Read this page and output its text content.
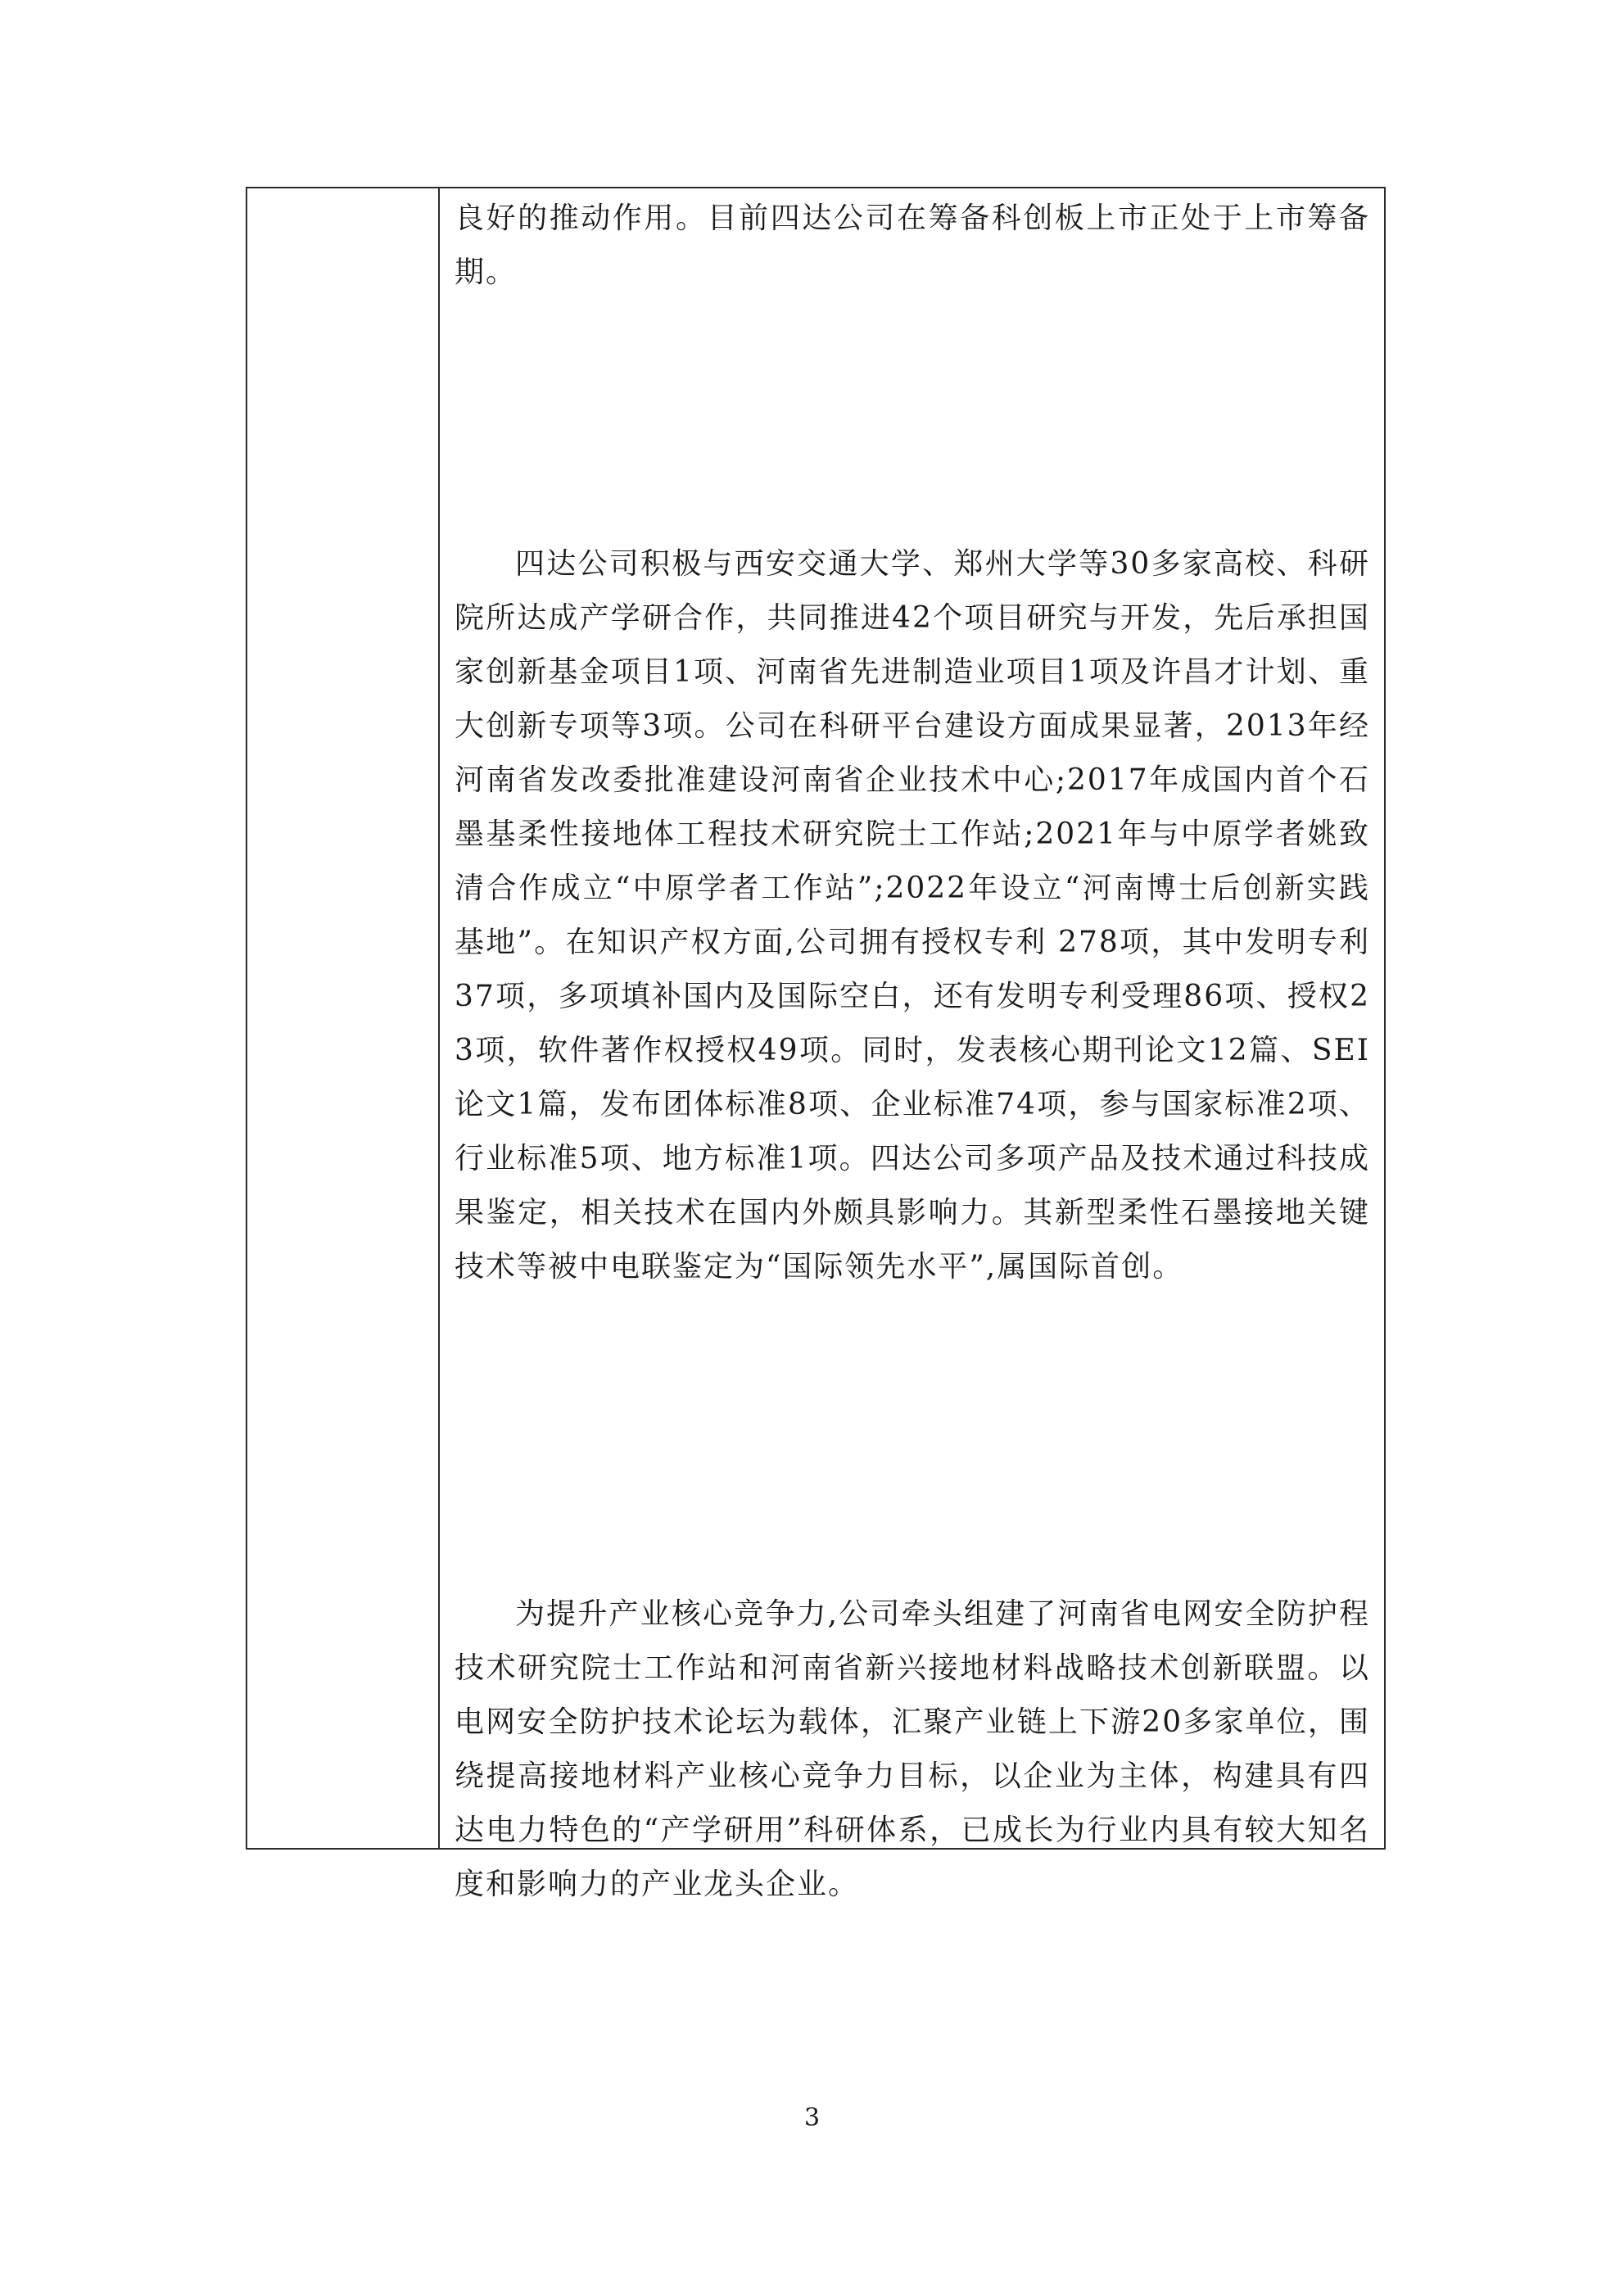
良好的推动作用。目前四达公司在筹备科创板上市正处于上市筹备期。

四达公司积极与西安交通大学、郑州大学等30多家高校、科研院所达成产学研合作，共同推进42个项目研究与开发，先后承担国家创新基金项目1项、河南省先进制造业项目1项及许昌才计划、重大创新专项等3项。公司在科研平台建设方面成果显著，2013年经河南省发改委批准建设河南省企业技术中心;2017年成国内首个石墨基柔性接地体工程技术研究院士工作站;2021年与中原学者姚致清合作成立“中原学者工作站”;2022年设立“河南博士后创新实践基地”。在知识产权方面,公司拥有授权专利 278项，其中发明专利37项，多项填补国内及国际空白，还有发明专利受理86项、授权23项，软件著作权授权49项。同时，发表核心期刊论文12篇、SEI论文1篇，发布团体标准8项、企业标准74项，参与国家标准2项、行业标准5项、地方标准1项。四达公司多项产品及技术通过科技成果鉴定，相关技术在国内外颇具影响力。其新型柔性石墨接地关键技术等被中电联鉴定为“国际领先水平”,属国际首创。

为提升产业核心竞争力,公司牵头组建了河南省电网安全防护程技术研究院士工作站和河南省新兴接地材料战略技术创新联盟。以电网安全防护技术论坛为载体，汇聚产业链上下游20多家单位，围绕提高接地材料产业核心竞争力目标，以企业为主体，构建具有四达电力特色的“产学研用”科研体系，已成长为行业内具有较大知名度和影响力的产业龙头企业。

3
